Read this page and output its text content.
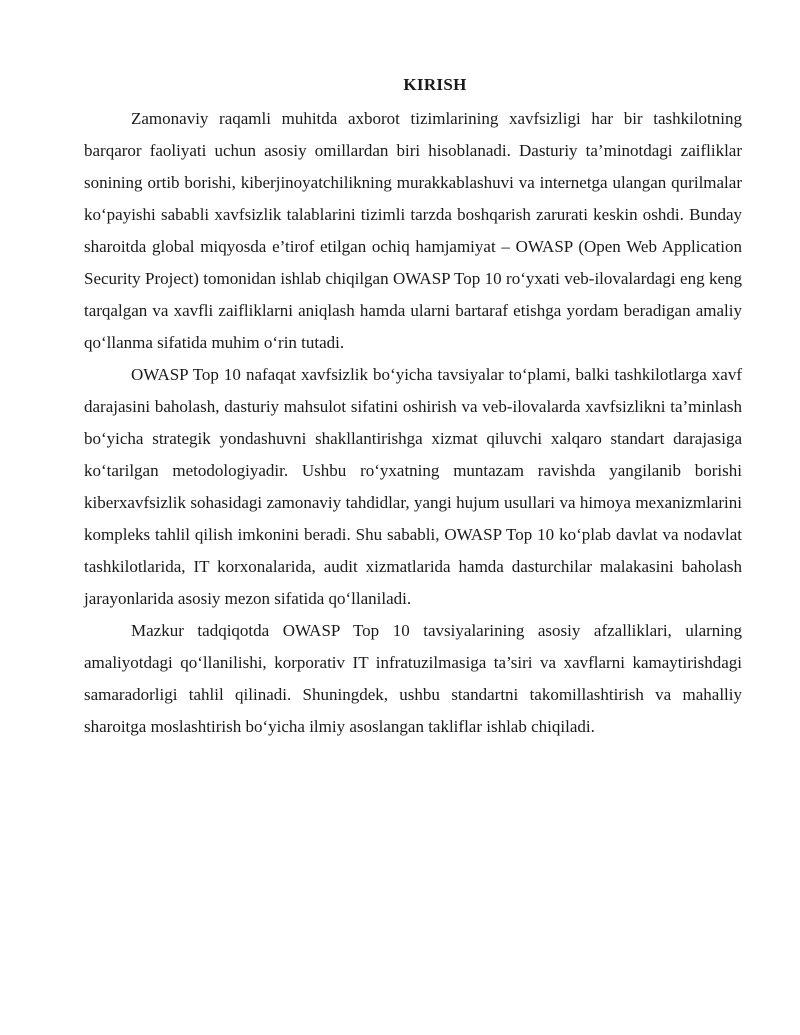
KIRISH

Zamonaviy raqamli muhitda axborot tizimlarining xavfsizligi har bir tashkilotning barqaror faoliyati uchun asosiy omillardan biri hisoblanadi. Dasturiy ta’minotdagi zaifliklar sonining ortib borishi, kiberjinoyatchilikning murakkablashuvi va internetga ulangan qurilmalar ko‘payishi sababli xavfsizlik talablarini tizimli tarzda boshqarish zarurati keskin oshdi. Bunday sharoitda global miqyosda e’tirof etilgan ochiq hamjamiyat – OWASP (Open Web Application Security Project) tomonidan ishlab chiqilgan OWASP Top 10 ro‘yxati veb-ilovalardagi eng keng tarqalgan va xavfli zaifliklarni aniqlash hamda ularni bartaraf etishga yordam beradigan amaliy qo‘llanma sifatida muhim o‘rin tutadi.

OWASP Top 10 nafaqat xavfsizlik bo‘yicha tavsiyalar to‘plami, balki tashkilotlarga xavf darajasini baholash, dasturiy mahsulot sifatini oshirish va veb-ilovalarda xavfsizlikni ta’minlash bo‘yicha strategik yondashuvni shakllantirishga xizmat qiluvchi xalqaro standart darajasiga ko‘tarilgan metodologiyadir. Ushbu ro‘yxatning muntazam ravishda yangilanib borishi kiberxavfsizlik sohasidagi zamonaviy tahdidlar, yangi hujum usullari va himoya mexanizmlarini kompleks tahlil qilish imkonini beradi. Shu sababli, OWASP Top 10 ko‘plab davlat va nodavlat tashkilotlarida, IT korxonalarida, audit xizmatlarida hamda dasturchilar malakasini baholash jarayonlarida asosiy mezon sifatida qo‘llaniladi.

Mazkur tadqiqotda OWASP Top 10 tavsiyalarining asosiy afzalliklari, ularning amaliyotdagi qo‘llanilishi, korporativ IT infratuzilmasiga ta’siri va xavflarni kamaytirishdagi samaradorligi tahlil qilinadi. Shuningdek, ushbu standartni takomillashtirish va mahalliy sharoitga moslashtirish bo‘yicha ilmiy asoslangan takliflar ishlab chiqiladi.
